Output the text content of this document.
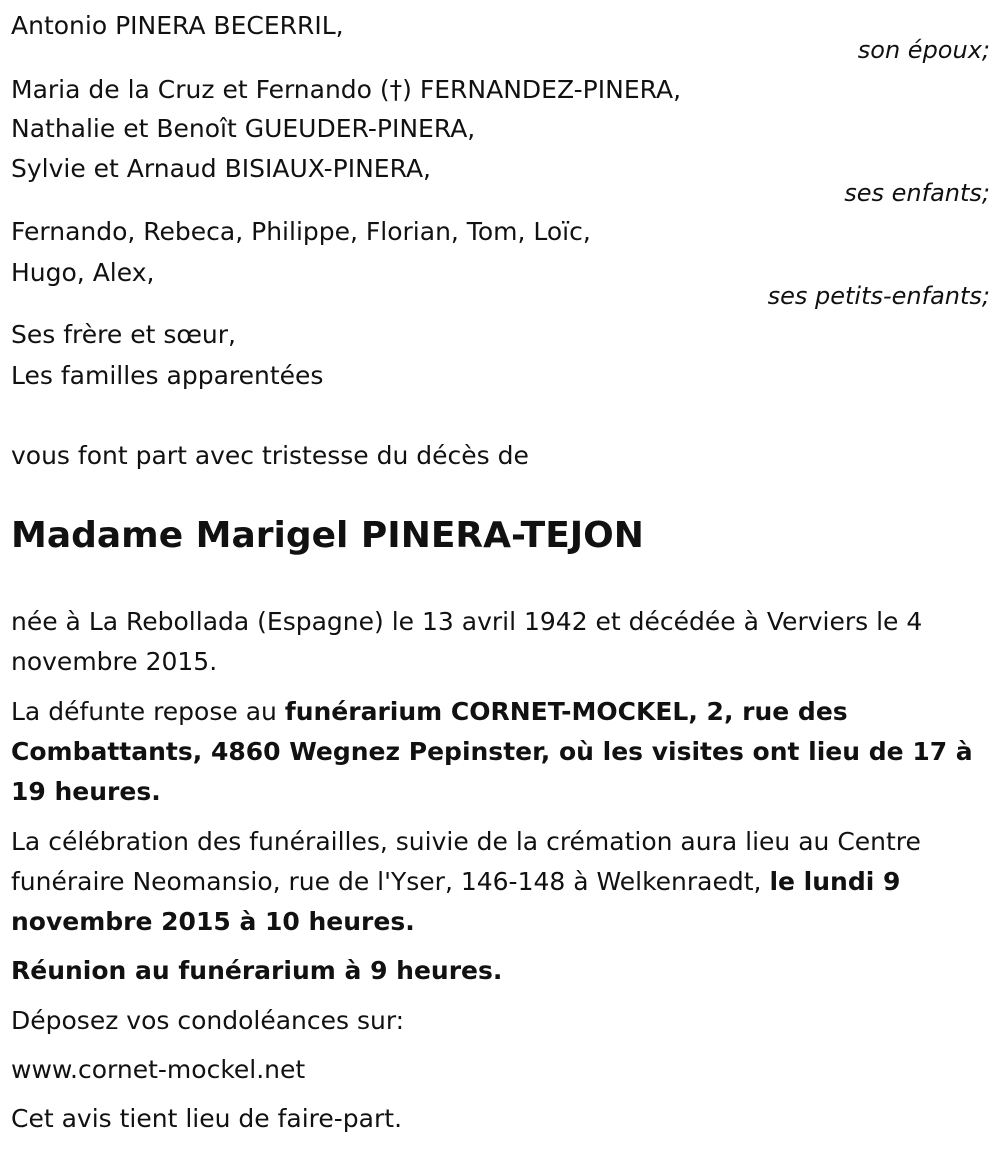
Antonio PINERA BECERRIL,
son époux;
Maria de la Cruz et Fernando (†) FERNANDEZ-PINERA,
Nathalie et Benoît GUEUDER-PINERA,
Sylvie et Arnaud BISIAUX-PINERA,
ses enfants;
Fernando, Rebeca, Philippe, Florian, Tom, Loïc,
Hugo, Alex,
ses petits-enfants;
Ses frère et sœur,
Les familles apparentées
vous font part avec tristesse du décès de
Madame Marigel PINERA-TEJON
née à La Rebollada (Espagne) le 13 avril 1942 et décédée à Verviers le 4 novembre 2015.
La défunte repose au funérarium CORNET-MOCKEL, 2, rue des Combattants, 4860 Wegnez Pepinster, où les visites ont lieu de 17 à 19 heures.
La célébration des funérailles, suivie de la crémation aura lieu au Centre funéraire Neomansio, rue de l'Yser, 146-148 à Welkenraedt, le lundi 9 novembre 2015 à 10 heures.
Réunion au funérarium à 9 heures.
Déposez vos condoléances sur:
www.cornet-mockel.net
Cet avis tient lieu de faire-part.
